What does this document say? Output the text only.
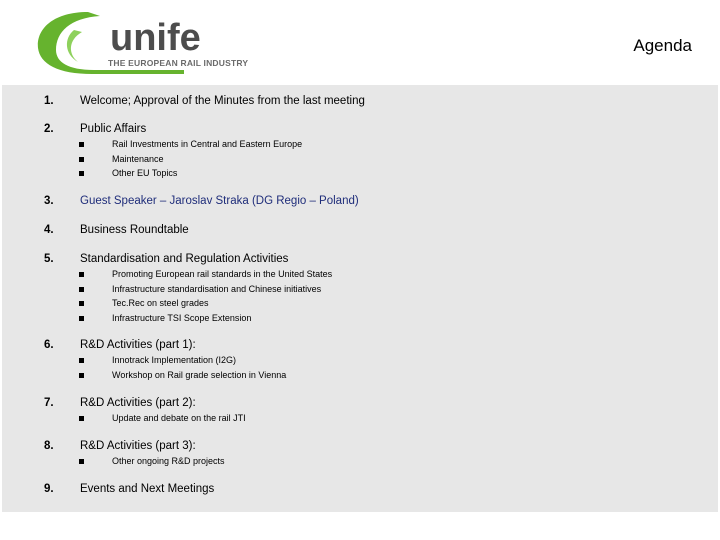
unife
THE EUROPEAN RAIL INDUSTRY
Agenda
1. Welcome; Approval of the Minutes from the last meeting
2. Public Affairs
Rail Investments in Central and Eastern Europe
Maintenance
Other EU Topics
3. Guest Speaker – Jaroslav Straka (DG Regio – Poland)
4. Business Roundtable
5. Standardisation and Regulation Activities
Promoting European rail standards in the United States
Infrastructure standardisation and Chinese initiatives
Tec.Rec on steel grades
Infrastructure TSI Scope Extension
6. R&D Activities (part 1):
Innotrack Implementation (I2G)
Workshop on Rail grade selection in Vienna
7. R&D Activities (part 2):
Update and debate on the rail JTI
8. R&D Activities (part 3):
Other ongoing R&D projects
9. Events and Next Meetings
